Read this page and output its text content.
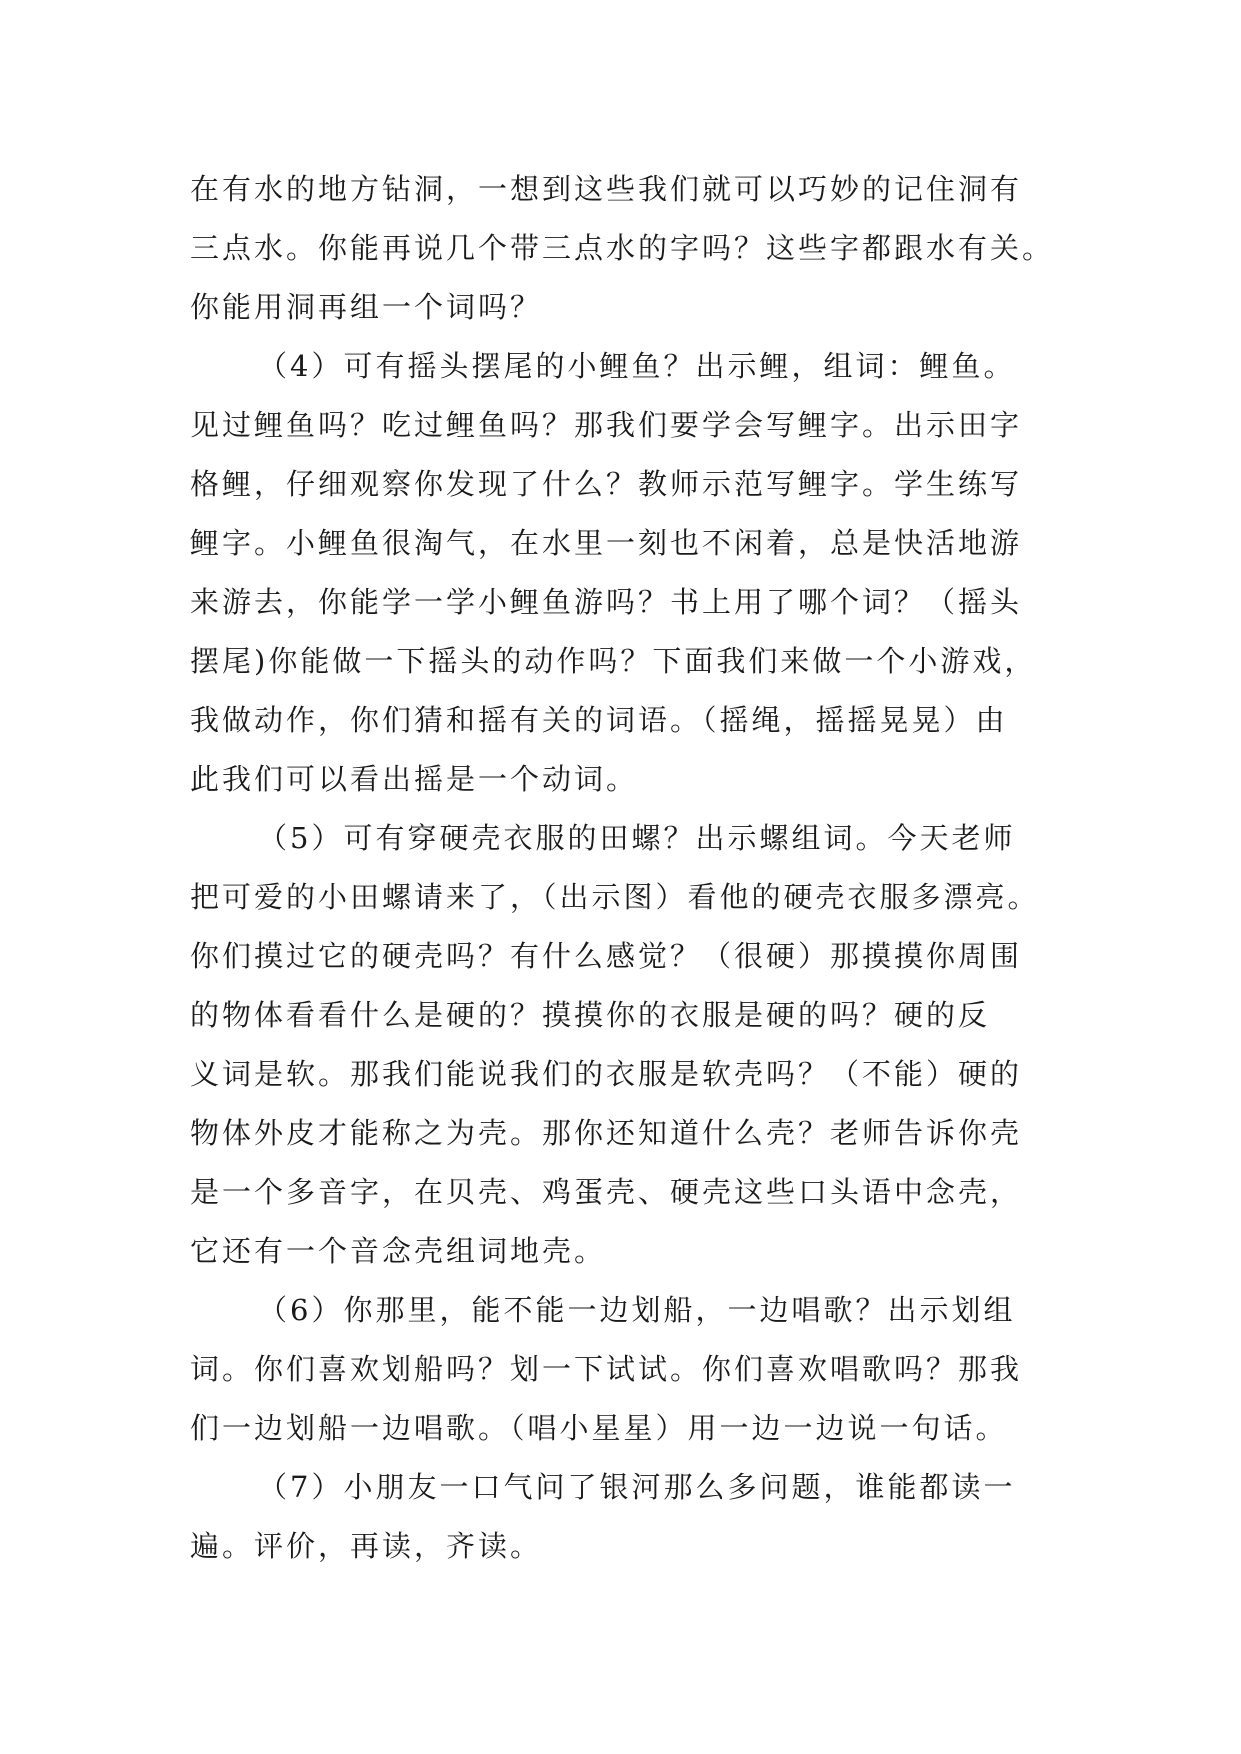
在有水的地方钻洞，一想到这些我们就可以巧妙的记住洞有
三点水。你能再说几个带三点水的字吗？这些字都跟水有关。
你能用洞再组一个词吗？
（4）可有摇头摆尾的小鲤鱼？出示鲤，组词：鲤鱼。
见过鲤鱼吗？吃过鲤鱼吗？那我们要学会写鲤字。出示田字
格鲤，仔细观察你发现了什么？教师示范写鲤字。学生练写
鲤字。小鲤鱼很淘气，在水里一刻也不闲着，总是快活地游
来游去，你能学一学小鲤鱼游吗？书上用了哪个词？（摇头
摆尾)你能做一下摇头的动作吗？下面我们来做一个小游戏，
我做动作，你们猜和摇有关的词语。（摇绳，摇摇晃晃）由
此我们可以看出摇是一个动词。
（5）可有穿硬壳衣服的田螺？出示螺组词。今天老师
把可爱的小田螺请来了，（出示图）看他的硬壳衣服多漂亮。
你们摸过它的硬壳吗？有什么感觉？（很硬）那摸摸你周围
的物体看看什么是硬的？摸摸你的衣服是硬的吗？硬的反
义词是软。那我们能说我们的衣服是软壳吗？（不能）硬的
物体外皮才能称之为壳。那你还知道什么壳？老师告诉你壳
是一个多音字，在贝壳、鸡蛋壳、硬壳这些口头语中念壳，
它还有一个音念壳组词地壳。
（6）你那里，能不能一边划船，一边唱歌？出示划组
词。你们喜欢划船吗？划一下试试。你们喜欢唱歌吗？那我
们一边划船一边唱歌。（唱小星星）用一边一边说一句话。
（7）小朋友一口气问了银河那么多问题，谁能都读一
遍。评价，再读，齐读。
